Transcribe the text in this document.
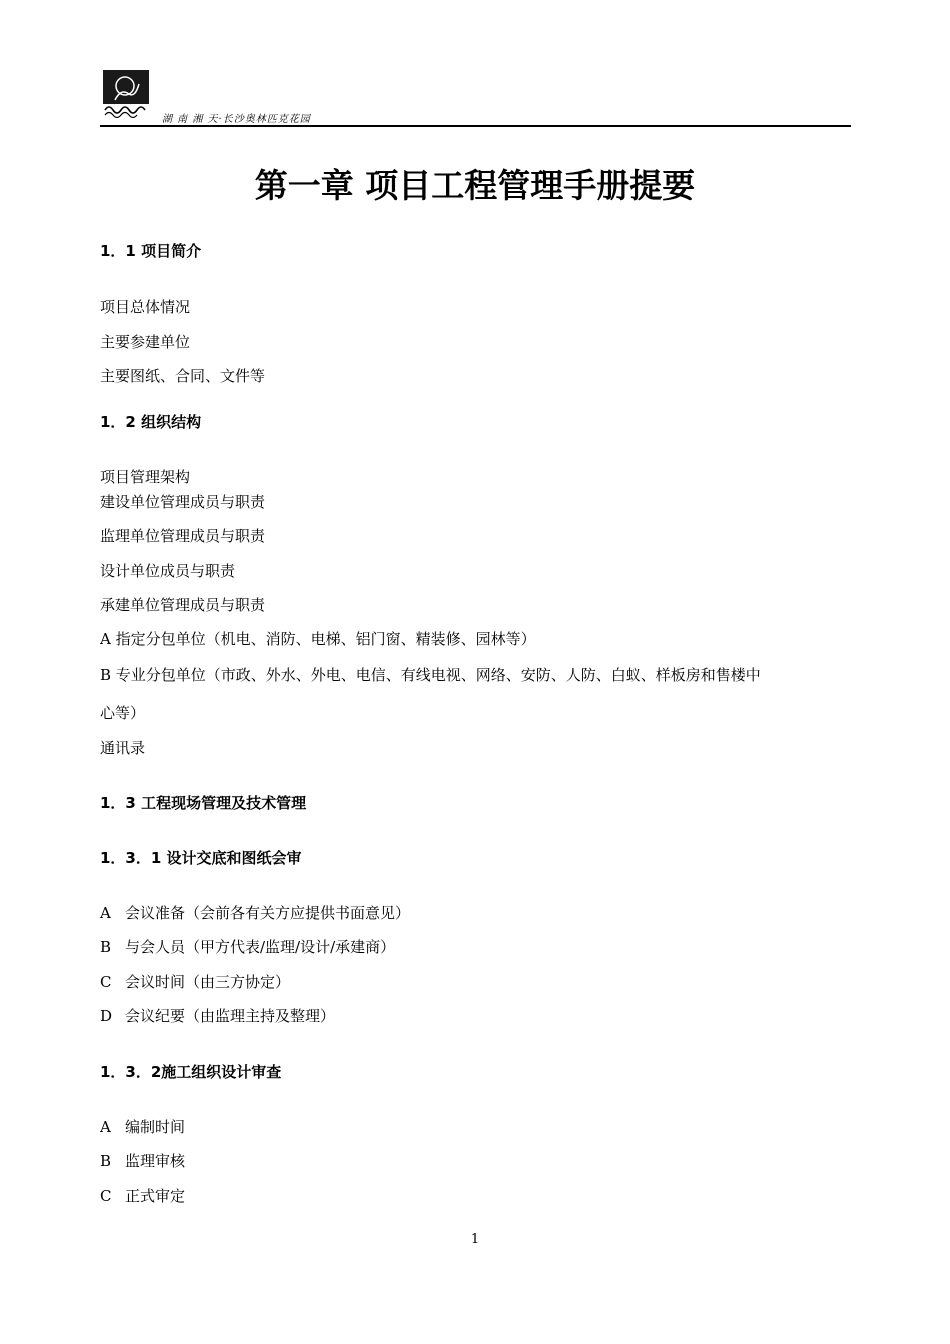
湖 南 湘 天·长沙奥林匹克花园
第一章 项目工程管理手册提要
1．1 项目简介
项目总体情况
主要参建单位
主要图纸、合同、文件等
1．2 组织结构
项目管理架构
建设单位管理成员与职责
监理单位管理成员与职责
设计单位成员与职责
承建单位管理成员与职责
A 指定分包单位（机电、消防、电梯、铝门窗、精装修、园林等）
B 专业分包单位（市政、外水、外电、电信、有线电视、网络、安防、人防、白蚁、样板房和售楼中
心等）
通讯录
1．3 工程现场管理及技术管理
1．3．1 设计交底和图纸会审
A 会议准备（会前各有关方应提供书面意见）
B 与会人员（甲方代表/监理/设计/承建商）
C 会议时间（由三方协定）
D 会议纪要（由监理主持及整理）
1．3．2施工组织设计审查
A 编制时间
B 监理审核
C 正式审定
1
